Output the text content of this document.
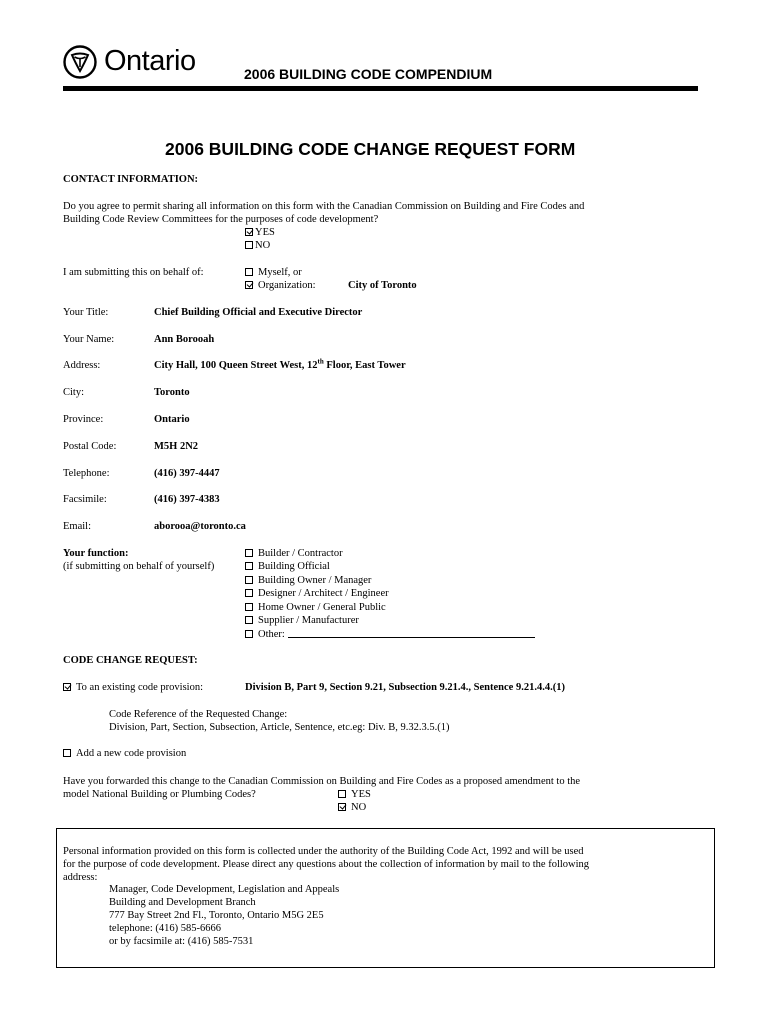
Ontario	2006 BUILDING CODE COMPENDIUM
2006 BUILDING CODE CHANGE REQUEST FORM
CONTACT INFORMATION:
Do you agree to permit sharing all information on this form with the Canadian Commission on Building and Fire Codes and
Building Code Review Committees for the purposes of code development?
YES
NO
I am submitting this on behalf of:	Myself, or
Organization:	City of Toronto
Your Title:	Chief Building Official and Executive Director
Your Name:	Ann Borooah
Address:	City Hall, 100 Queen Street West, 12th Floor, East Tower
City:	Toronto
Province:	Ontario
Postal Code:	M5H 2N2
Telephone:	(416) 397-4447
Facsimile:	(416) 397-4383
Email:	aborooa@toronto.ca
Your function:
(if submitting on behalf of yourself)
Builder / Contractor
Building Official
Building Owner / Manager
Designer / Architect / Engineer
Home Owner / General Public
Supplier / Manufacturer
Other:
CODE CHANGE REQUEST:
To an existing code provision:	Division B, Part 9, Section 9.21, Subsection 9.21.4., Sentence 9.21.4.4.(1)
Code Reference of the Requested Change:
Division, Part, Section, Subsection, Article, Sentence, etc.eg: Div. B, 9.32.3.5.(1)
Add a new code provision
Have you forwarded this change to the Canadian Commission on Building and Fire Codes as a proposed amendment to the
model National Building or Plumbing Codes?	YES
NO
Personal information provided on this form is collected under the authority of the Building Code Act, 1992 and will be used
for the purpose of code development. Please direct any questions about the collection of information by mail to the following
address:
Manager, Code Development, Legislation and Appeals
Building and Development Branch
777 Bay Street 2nd Fl., Toronto, Ontario M5G 2E5
telephone: (416) 585-6666
or by facsimile at: (416) 585-7531
